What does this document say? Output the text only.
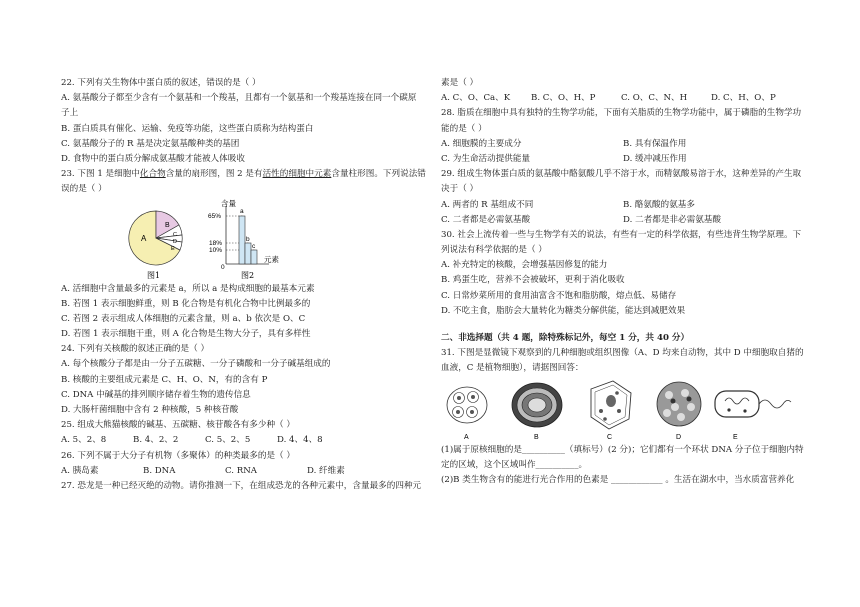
22. 下列有关生物体中蛋白质的叙述，错误的是（ ）
A. 氨基酸分子都至少含有一个氨基和一个羧基，且都有一个氨基和一个羧基连接在同一个碳原
子上
B. 蛋白质具有催化、运输、免疫等功能，这些蛋白质称为结构蛋白
C. 氨基酸分子的 R 基是决定氨基酸种类的基团
D. 食物中的蛋白质分解成氨基酸才能被人体吸收
23. 下图 1 是细胞中化合物含量的扇形图，图 2 是有活性的细胞中元素含量柱形图。下列说法错
误的是（ ）
A
B
C
D
E
图1
含量
65%
18%
10%
0
a
b
c
元素
图2
A. 活细胞中含量最多的元素是 a，所以 a 是构成细胞的最基本元素
B. 若图 1 表示细胞鲜重，则 B 化合物是有机化合物中比例最多的
C. 若图 2 表示组成人体细胞的元素含量，则 a、b 依次是 O、C
D. 若图 1 表示细胞干重，则 A 化合物是生物大分子，具有多样性
24. 下列有关核酸的叙述正确的是（ ）
A. 每个核酸分子都是由一分子五碳糖、一分子磷酸和一分子碱基组成的
B. 核酸的主要组成元素是 C、H、O、N，有的含有 P
C. DNA 中碱基的排列顺序储存着生物的遗传信息
D. 大肠杆菌细胞中含有 2 种核酸，5 种核苷酸
25. 组成大熊猫核酸的碱基、五碳糖、核苷酸各有多少种（ ）
A. 5、2、8	B. 4、2、2	C. 5、2、5	D. 4、4、8
26. 下列不属于大分子有机物（多聚体）的种类最多的是（ ）
A. 胰岛素	B. DNA	C. RNA	D. 纤维素
27. 恐龙是一种已经灭绝的动物。请你推测一下，在组成恐龙的各种元素中，含量最多的四种元
素是（ ）
A. C、O、Ca、K	B. C、O、H、P	C. O、C、N、H	D. C、H、O、P
28. 脂质在细胞中具有独特的生物学功能，下面有关脂质的生物学功能中，属于磷脂的生物学功
能的是（ ）
A. 细胞膜的主要成分	B. 具有保温作用
C. 为生命活动提供能量	D. 缓冲减压作用
29. 组成生物体蛋白质的氨基酸中酪氨酸几乎不溶于水，而精氨酸易溶于水，这种差异的产生取
决于（ ）
A. 两者的 R 基组成不同	B. 酪氨酸的氨基多
C. 二者都是必需氨基酸	D. 二者都是非必需氨基酸
30. 社会上流传着一些与生物学有关的说法，有些有一定的科学依据，有些违背生物学原理。下
列说法有科学依据的是（ ）
A. 补充特定的核酸，会增强基因修复的能力
B. 鸡蛋生吃，营养不会被破坏，更利于消化吸收
C. 日常炒菜所用的食用油富含不饱和脂肪酸，熔点低、易储存
D. 不吃主食，脂肪会大量转化为糖类分解供能，能达到减肥效果
二、非选择题（共 4 题，除特殊标记外，每空 1 分，共 40 分）
31. 下图是显微镜下观察到的几种细胞或组织图像（A、D 均来自动物，其中 D 中细胞取自猪的
血液，C 是植物细胞），请据图回答：
A	B	C	D	E
(1)属于原核细胞的是__________（填标号）(2 分)；它们都有一个环状 DNA 分子位于细胞内特
定的区域，这个区域叫作__________。
(2)B 类生物含有的能进行光合作用的色素是 ____________ 。生活在湖水中，当水质富营养化
